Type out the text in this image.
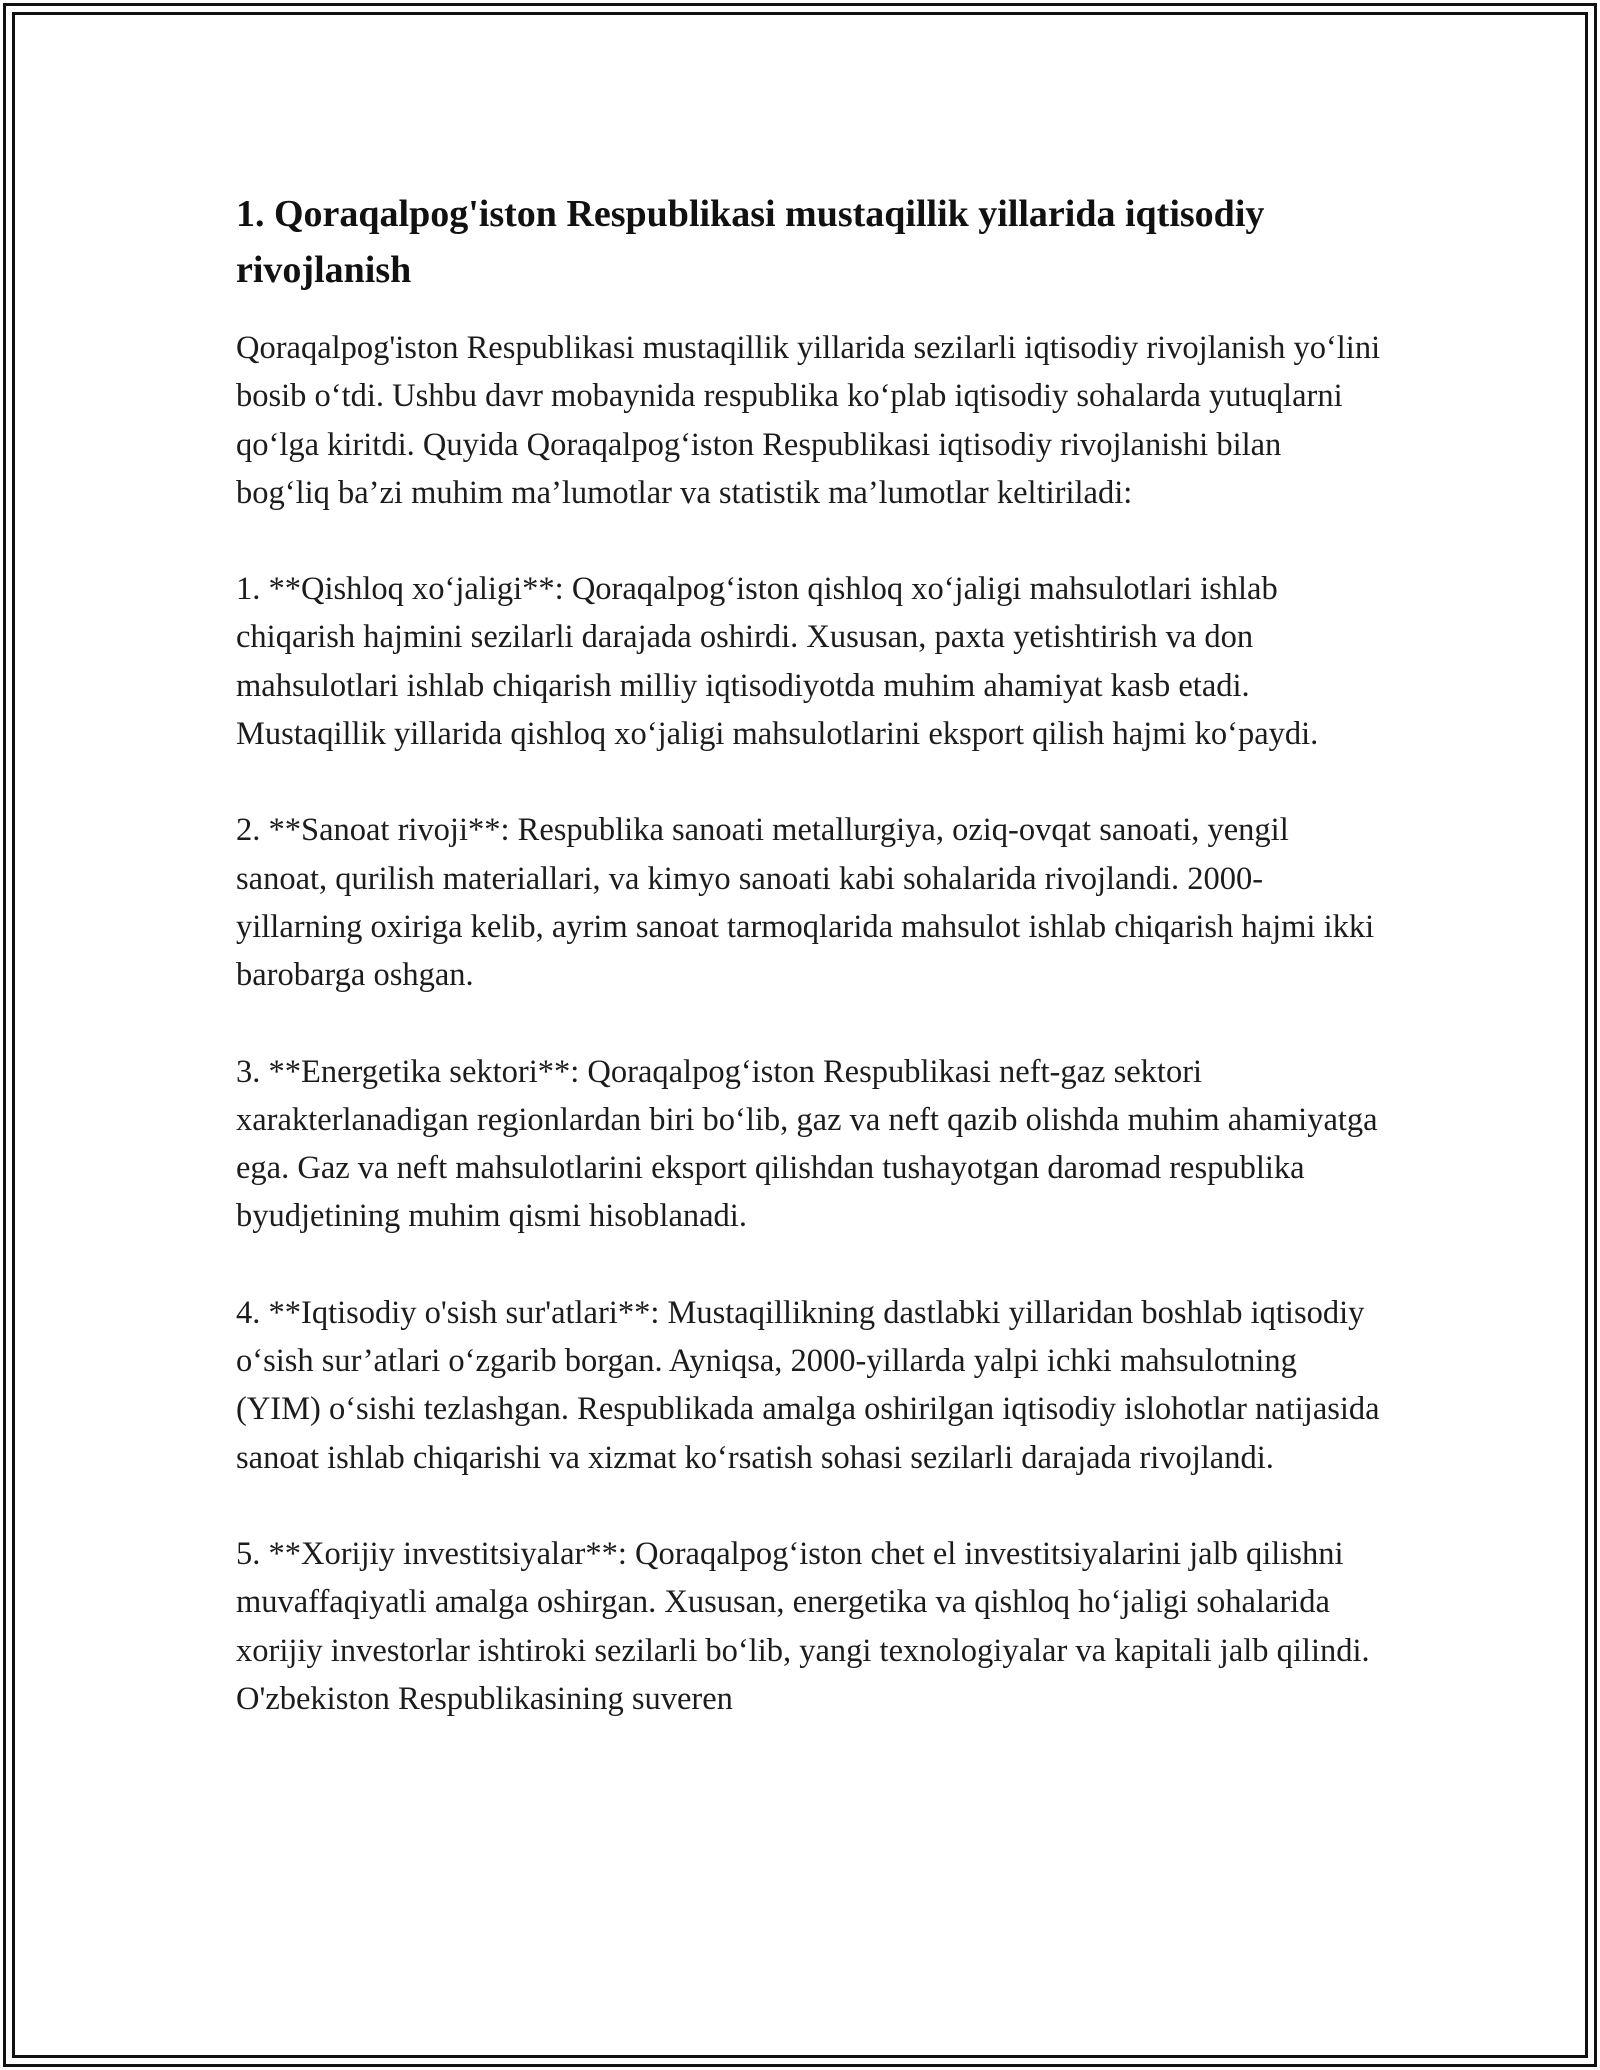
1. Qoraqalpog'iston Respublikasi mustaqillik yillarida iqtisodiy rivojlanish

Qoraqalpog'iston Respublikasi mustaqillik yillarida sezilarli iqtisodiy rivojlanish yo‘lini bosib o‘tdi. Ushbu davr mobaynida respublika ko‘plab iqtisodiy sohalarda yutuqlarni qo‘lga kiritdi. Quyida Qoraqalpog‘iston Respublikasi iqtisodiy rivojlanishi bilan bog‘liq ba’zi muhim ma’lumotlar va statistik ma’lumotlar keltiriladi:

1. **Qishloq xo‘jaligi**: Qoraqalpog‘iston qishloq xo‘jaligi mahsulotlari ishlab chiqarish hajmini sezilarli darajada oshirdi. Xususan, paxta yetishtirish va don mahsulotlari ishlab chiqarish milliy iqtisodiyotda muhim ahamiyat kasb etadi. Mustaqillik yillarida qishloq xo‘jaligi mahsulotlarini eksport qilish hajmi ko‘paydi.

2. **Sanoat rivoji**: Respublika sanoati metallurgiya, oziq-ovqat sanoati, yengil sanoat, qurilish materiallari, va kimyo sanoati kabi sohalarida rivojlandi. 2000-yillarning oxiriga kelib, ayrim sanoat tarmoqlarida mahsulot ishlab chiqarish hajmi ikki barobarga oshgan.

3. **Energetika sektori**: Qoraqalpog‘iston Respublikasi neft-gaz sektori xarakterlanadigan regionlardan biri bo‘lib, gaz va neft qazib olishda muhim ahamiyatga ega. Gaz va neft mahsulotlarini eksport qilishdan tushayotgan daromad respublika byudjetining muhim qismi hisoblanadi.

4. **Iqtisodiy o'sish sur'atlari**: Mustaqillikning dastlabki yillaridan boshlab iqtisodiy o‘sish sur’atlari o‘zgarib borgan. Ayniqsa, 2000-yillarda yalpi ichki mahsulotning (YIM) o‘sishi tezlashgan. Respublikada amalga oshirilgan iqtisodiy islohotlar natijasida sanoat ishlab chiqarishi va xizmat ko‘rsatish sohasi sezilarli darajada rivojlandi.

5. **Xorijiy investitsiyalar**: Qoraqalpog‘iston chet el investitsiyalarini jalb qilishni muvaffaqiyatli amalga oshirgan. Xususan, energetika va qishloq ho‘jaligi sohalarida xorijiy investorlar ishtiroki sezilarli bo‘lib, yangi texnologiyalar va kapitali jalb qilindi. O'zbekiston Respublikasining suveren
